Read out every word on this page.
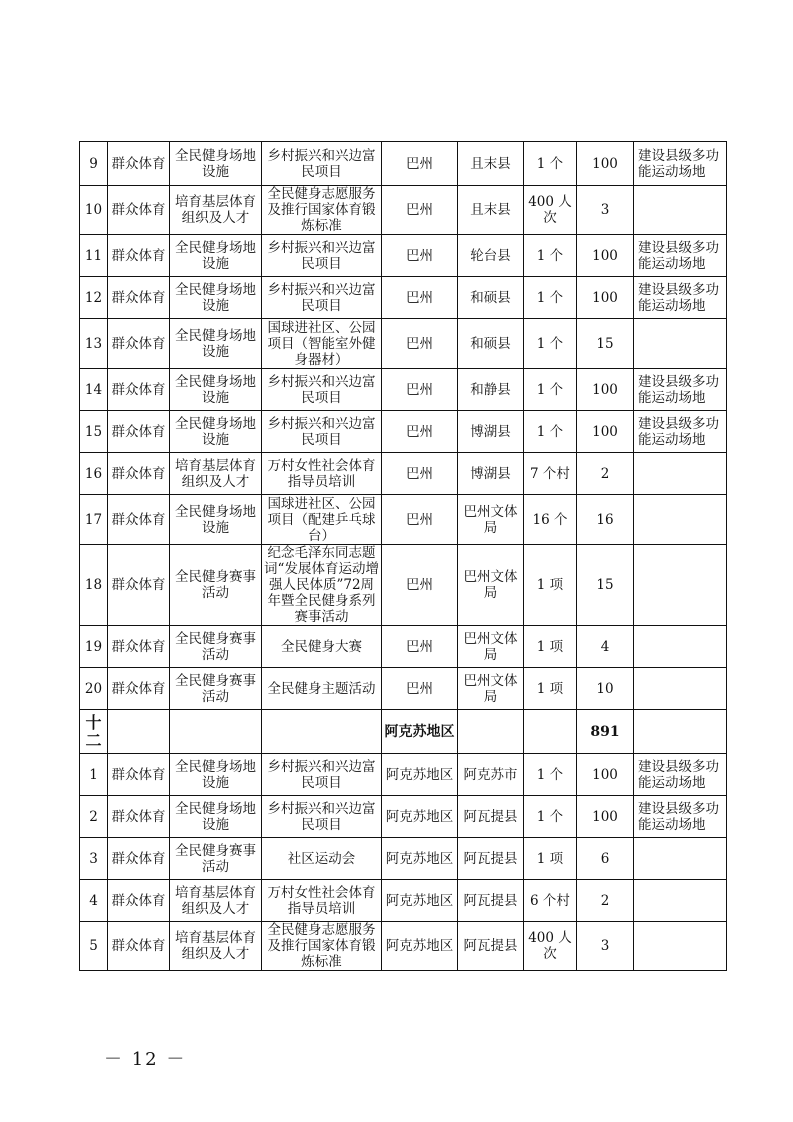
9	群众体育	全民健身场地设施	乡村振兴和兴边富民项目	巴州	且末县	1 个	100	建设县级多功能运动场地
10	群众体育	培育基层体育组织及人才	全民健身志愿服务及推行国家体育锻炼标准	巴州	且末县	400 人次	3	
11	群众体育	全民健身场地设施	乡村振兴和兴边富民项目	巴州	轮台县	1 个	100	建设县级多功能运动场地
12	群众体育	全民健身场地设施	乡村振兴和兴边富民项目	巴州	和硕县	1 个	100	建设县级多功能运动场地
13	群众体育	全民健身场地设施	国球进社区、公园项目（智能室外健身器材）	巴州	和硕县	1 个	15	
14	群众体育	全民健身场地设施	乡村振兴和兴边富民项目	巴州	和静县	1 个	100	建设县级多功能运动场地
15	群众体育	全民健身场地设施	乡村振兴和兴边富民项目	巴州	博湖县	1 个	100	建设县级多功能运动场地
16	群众体育	培育基层体育组织及人才	万村女性社会体育指导员培训	巴州	博湖县	7 个村	2	
17	群众体育	全民健身场地设施	国球进社区、公园项目（配建乒乓球台）	巴州	巴州文体局	16 个	16	
18	群众体育	全民健身赛事活动	纪念毛泽东同志题词“发展体育运动增强人民体质”72周年暨全民健身系列赛事活动	巴州	巴州文体局	1 项	15	
19	群众体育	全民健身赛事活动	全民健身大赛	巴州	巴州文体局	1 项	4	
20	群众体育	全民健身赛事活动	全民健身主题活动	巴州	巴州文体局	1 项	10	
十二				阿克苏地区			891	
1	群众体育	全民健身场地设施	乡村振兴和兴边富民项目	阿克苏地区	阿克苏市	1 个	100	建设县级多功能运动场地
2	群众体育	全民健身场地设施	乡村振兴和兴边富民项目	阿克苏地区	阿瓦提县	1 个	100	建设县级多功能运动场地
3	群众体育	全民健身赛事活动	社区运动会	阿克苏地区	阿瓦提县	1 项	6	
4	群众体育	培育基层体育组织及人才	万村女性社会体育指导员培训	阿克苏地区	阿瓦提县	6 个村	2	
5	群众体育	培育基层体育组织及人才	全民健身志愿服务及推行国家体育锻炼标准	阿克苏地区	阿瓦提县	400 人次	3	
－ 12 －
